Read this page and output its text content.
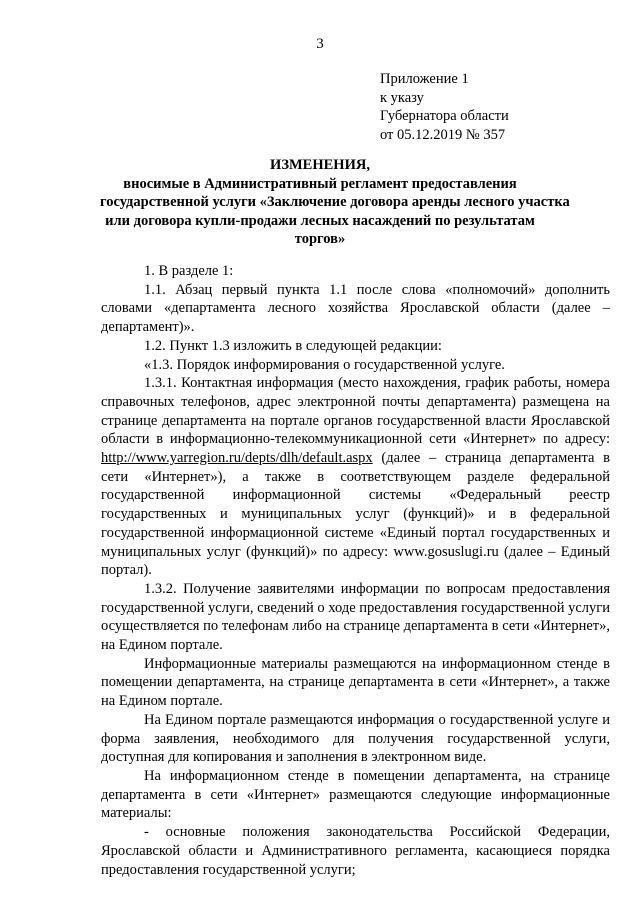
3
Приложение 1
к указу
Губернатора области
от 05.12.2019 № 357
ИЗМЕНЕНИЯ,
вносимые в Административный регламент предоставления
государственной услуги «Заключение договора аренды лесного участка
или договора купли-продажи лесных насаждений по результатам
торгов»

1. В разделе 1:

1.1. Абзац первый пункта 1.1 после слова «полномочий» дополнить словами «департамента лесного хозяйства Ярославской области (далее – департамент)».

1.2. Пункт 1.3 изложить в следующей редакции:

«1.3. Порядок информирования о государственной услуге.

1.3.1. Контактная информация (место нахождения, график работы, номера справочных телефонов, адрес электронной почты департамента) размещена на странице департамента на портале органов государственной власти Ярославской области в информационно-телекоммуникационной сети «Интернет» по адресу: http://www.yarregion.ru/depts/dlh/default.aspx (далее – страница департамента в сети «Интернет»), а также в соответствующем разделе федеральной государственной информационной системы «Федеральный реестр государственных и муниципальных услуг (функций)» и в федеральной государственной информационной системе «Единый портал государственных и муниципальных услуг (функций)» по адресу: www.gosuslugi.ru (далее – Единый портал).

1.3.2. Получение заявителями информации по вопросам предоставления государственной услуги, сведений о ходе предоставления государственной услуги осуществляется по телефонам либо на странице департамента в сети «Интернет», на Едином портале.

Информационные материалы размещаются на информационном стенде в помещении департамента, на странице департамента в сети «Интернет», а также на Едином портале.

На Едином портале размещаются информация о государственной услуге и форма заявления, необходимого для получения государственной услуги, доступная для копирования и заполнения в электронном виде.

На информационном стенде в помещении департамента, на странице департамента в сети «Интернет» размещаются следующие информационные материалы:

- основные положения законодательства Российской Федерации, Ярославской области и Административного регламента, касающиеся порядка предоставления государственной услуги;
